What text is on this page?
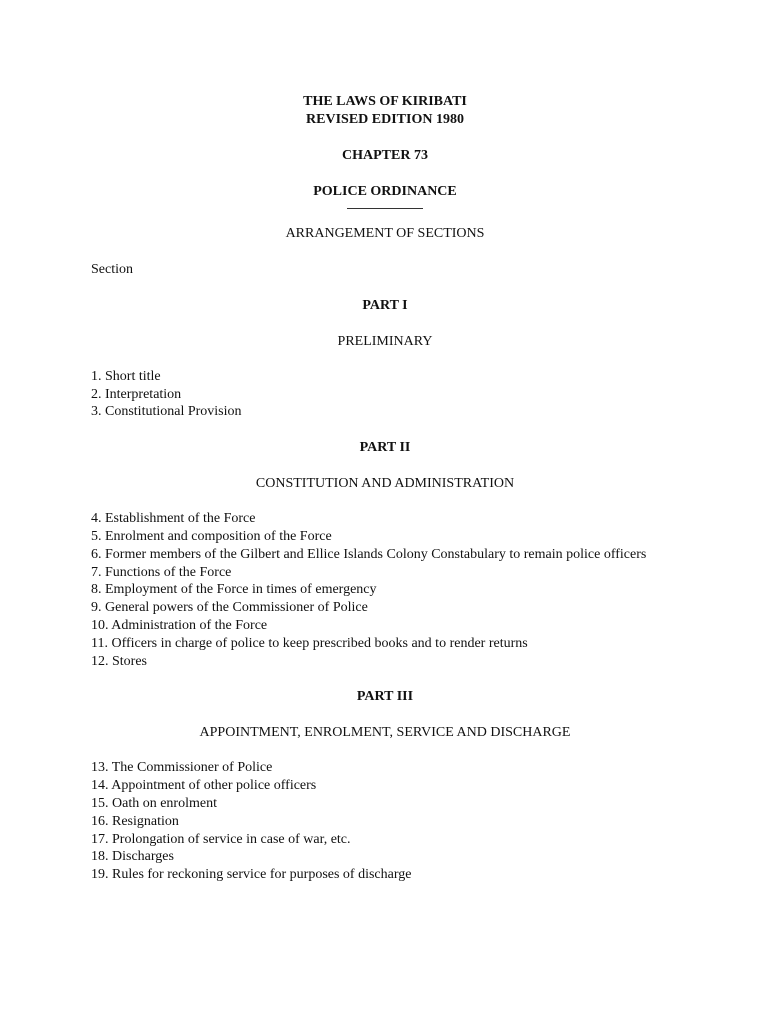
THE LAWS OF KIRIBATI

REVISED EDITION 1980

CHAPTER 73

POLICE ORDINANCE

ARRANGEMENT OF SECTIONS

Section

PART I

PRELIMINARY

1. Short title
2. Interpretation
3. Constitutional Provision

PART II

CONSTITUTION AND ADMINISTRATION

4. Establishment of the Force
5. Enrolment and composition of the Force
6. Former members of the Gilbert and Ellice Islands Colony Constabulary to remain police officers
7. Functions of the Force
8. Employment of the Force in times of emergency
9. General powers of the Commissioner of Police
10. Administration of the Force
11. Officers in charge of police to keep prescribed books and to render returns
12. Stores

PART III

APPOINTMENT, ENROLMENT, SERVICE AND DISCHARGE

13. The Commissioner of Police
14. Appointment of other police officers
15. Oath on enrolment
16. Resignation
17. Prolongation of service in case of war, etc.
18. Discharges
19. Rules for reckoning service for purposes of discharge
